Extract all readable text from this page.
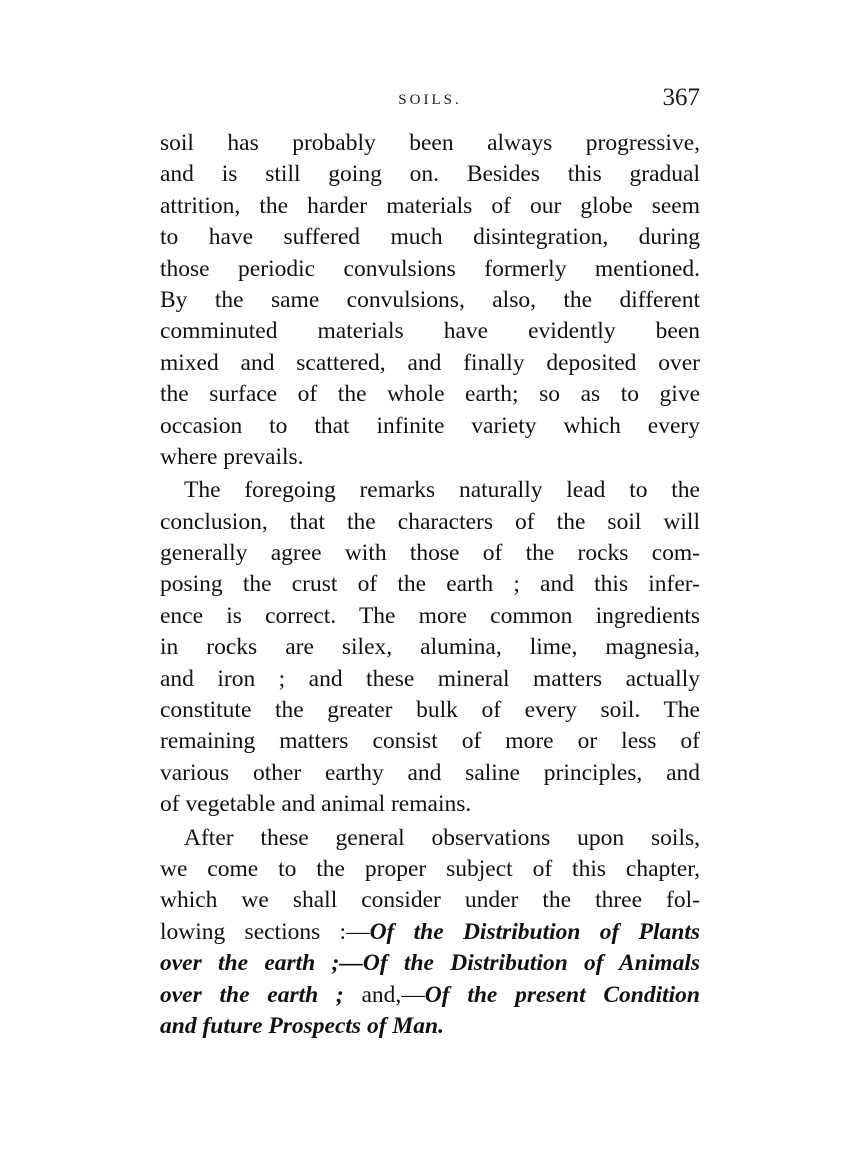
SOILS.	367
soil has probably been always progressive,
and is still going on. Besides this gradual
attrition, the harder materials of our globe seem
to have suffered much disintegration, during
those periodic convulsions formerly mentioned.
By the same convulsions, also, the different
comminuted materials have evidently been
mixed and scattered, and finally deposited over
the surface of the whole earth; so as to give
occasion to that infinite variety which every
where prevails.
The foregoing remarks naturally lead to the
conclusion, that the characters of the soil will
generally agree with those of the rocks com-
posing the crust of the earth ; and this infer-
ence is correct. The more common ingredients
in rocks are silex, alumina, lime, magnesia,
and iron ; and these mineral matters actually
constitute the greater bulk of every soil. The
remaining matters consist of more or less of
various other earthy and saline principles, and
of vegetable and animal remains.
After these general observations upon soils,
we come to the proper subject of this chapter,
which we shall consider under the three fol-
lowing sections :—Of the Distribution of Plants
over the earth ;—Of the Distribution of Animals
over the earth ; and,—Of the present Condition
and future Prospects of Man.
